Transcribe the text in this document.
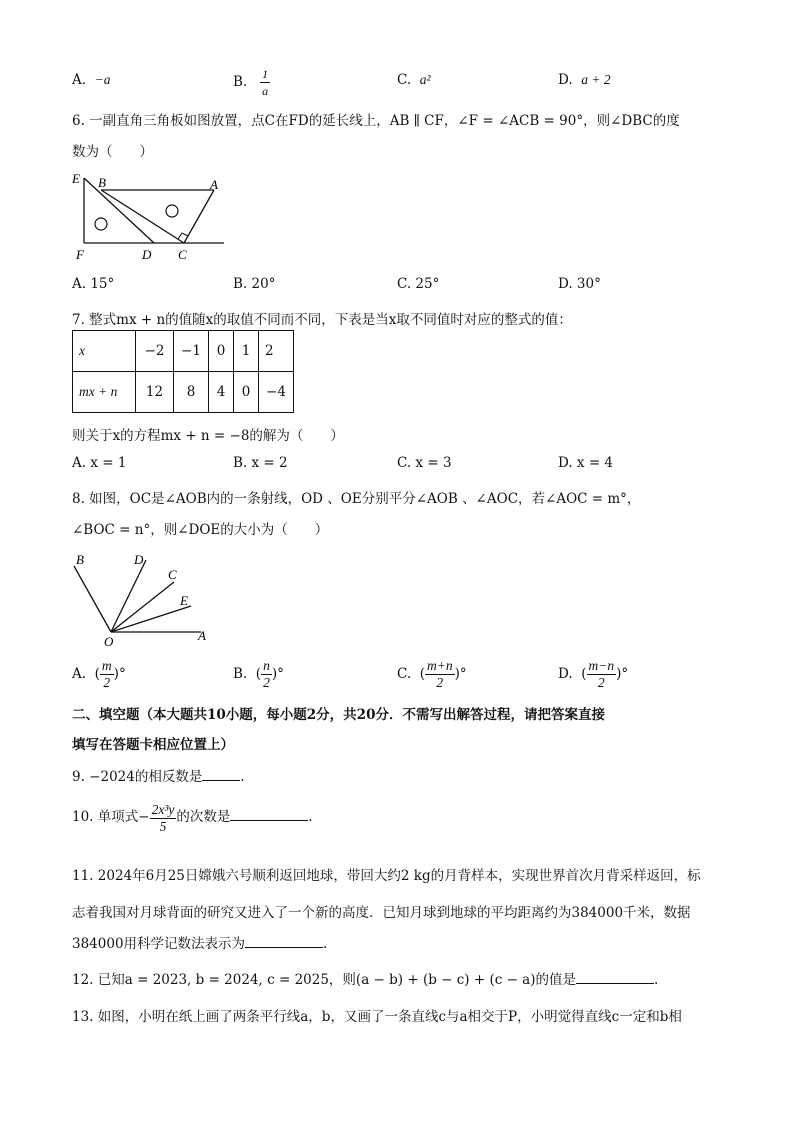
A. −a	B. $\frac{1}{a}$	C. a²	D. a + 2
6. 一副直角三角板如图放置，点C在FD的延长线上，AB ∥ CF，∠F = ∠ACB = 90°，则∠DBC的度
数为（　　）
E B	A
F	D C
A. 15°	B. 20°	C. 25°	D. 30°
7. 整式mx + n的值随x的取值不同而不同，下表是当x取不同值时对应的整式的值：
x	−2	−1	0	1	2
mx + n	12	8	4	0	−4
则关于x的方程mx + n = −8的解为（　　）
A. x = 1	B. x = 2	C. x = 3	D. x = 4
8. 如图，OC是∠AOB内的一条射线，OD 、OE分别平分∠AOB 、∠AOC，若∠AOC = m°，
∠BOC = n°，则∠DOE的大小为（　　）
B	D
C
E
O	A
A.  ( $\frac{m}{2}$ )°	B.  ( $\frac{n}{2}$ )°	C.  ( $\frac{m+n}{2}$ )°	D.  ( $\frac{m-n}{2}$ )°
二、填空题（本大题共10小题，每小题2分，共20分．不需写出解答过程，请把答案直接
填写在答题卡相应位置上）
9. −2024的相反数是	.
10. 单项式− $\frac{\text{2x³y}}{5}$ 的次数是	.
11. 2024年6月25日嫦娥六号顺利返回地球，带回大约2 kg的月背样本，实现世界首次月背采样返回，标
志着我国对月球背面的研究又进入了一个新的高度．已知月球到地球的平均距离约为384000千米，数据
384000用科学记数法表示为	.
12. 已知a = 2023, b = 2024, c = 2025，则(a − b) + (b − c) + (c − a)的值是	.
13. 如图，小明在纸上画了两条平行线a，b，又画了一条直线c与a相交于P，小明觉得直线c一定和b相
